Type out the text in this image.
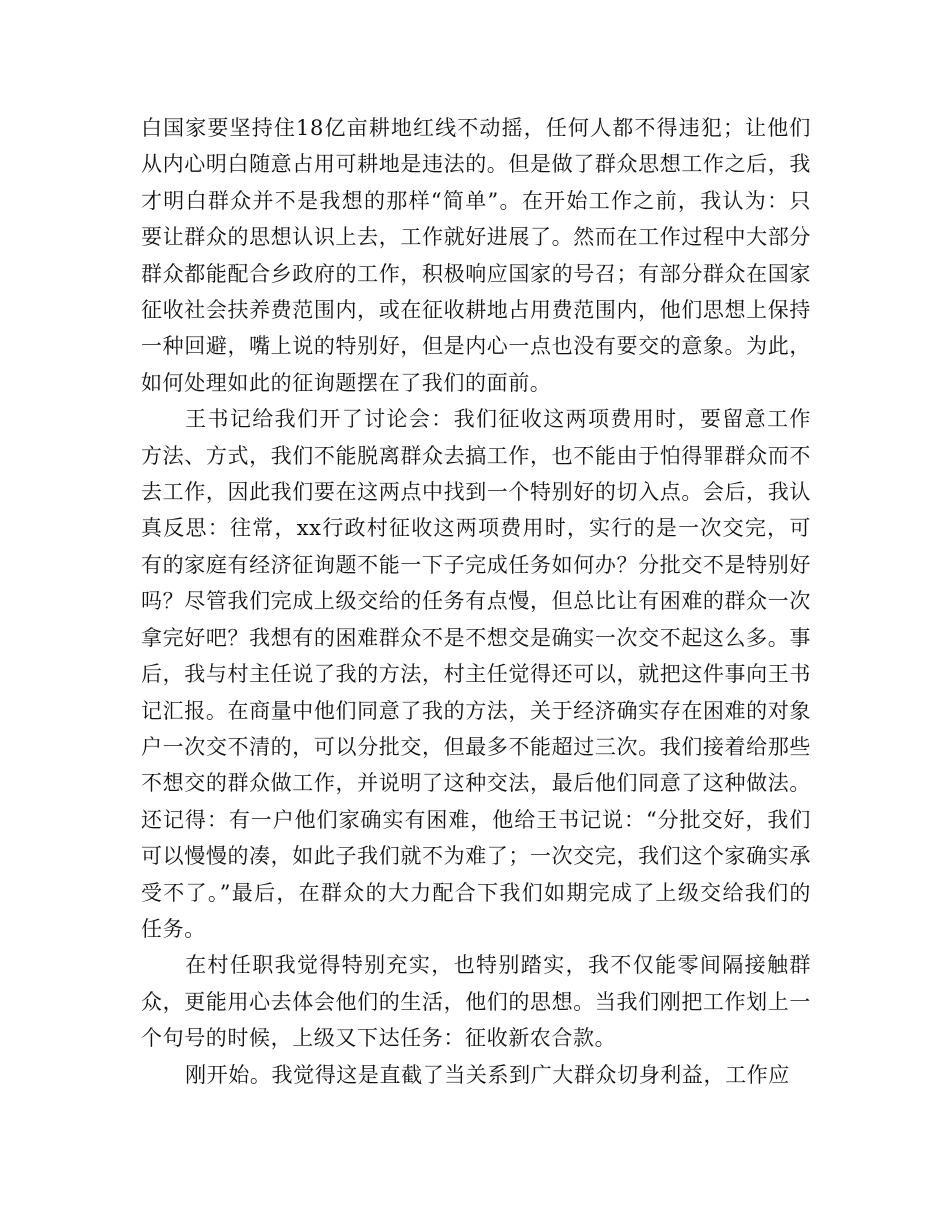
白国家要坚持住18亿亩耕地红线不动摇，任何人都不得违犯；让他们从内心明白随意占用可耕地是违法的。但是做了群众思想工作之后，我才明白群众并不是我想的那样“简单”。在开始工作之前，我认为：只要让群众的思想认识上去，工作就好进展了。然而在工作过程中大部分群众都能配合乡政府的工作，积极响应国家的号召；有部分群众在国家征收社会扶养费范围内，或在征收耕地占用费范围内，他们思想上保持一种回避，嘴上说的特别好，但是内心一点也没有要交的意象。为此，如何处理如此的征询题摆在了我们的面前。

王书记给我们开了讨论会：我们征收这两项费用时，要留意工作方法、方式，我们不能脱离群众去搞工作，也不能由于怕得罪群众而不去工作，因此我们要在这两点中找到一个特别好的切入点。会后，我认真反思：往常，xx行政村征收这两项费用时，实行的是一次交完，可有的家庭有经济征询题不能一下子完成任务如何办？分批交不是特别好吗？尽管我们完成上级交给的任务有点慢，但总比让有困难的群众一次拿完好吧？我想有的困难群众不是不想交是确实一次交不起这么多。事后，我与村主任说了我的方法，村主任觉得还可以，就把这件事向王书记汇报。在商量中他们同意了我的方法，关于经济确实存在困难的对象户一次交不清的，可以分批交，但最多不能超过三次。我们接着给那些不想交的群众做工作，并说明了这种交法，最后他们同意了这种做法。还记得：有一户他们家确实有困难，他给王书记说：“分批交好，我们可以慢慢的凑，如此子我们就不为难了；一次交完，我们这个家确实承受不了。”最后，在群众的大力配合下我们如期完成了上级交给我们的任务。

在村任职我觉得特别充实，也特别踏实，我不仅能零间隔接触群众，更能用心去体会他们的生活，他们的思想。当我们刚把工作划上一个句号的时候，上级又下达任务：征收新农合款。

刚开始。我觉得这是直截了当关系到广大群众切身利益，工作应
